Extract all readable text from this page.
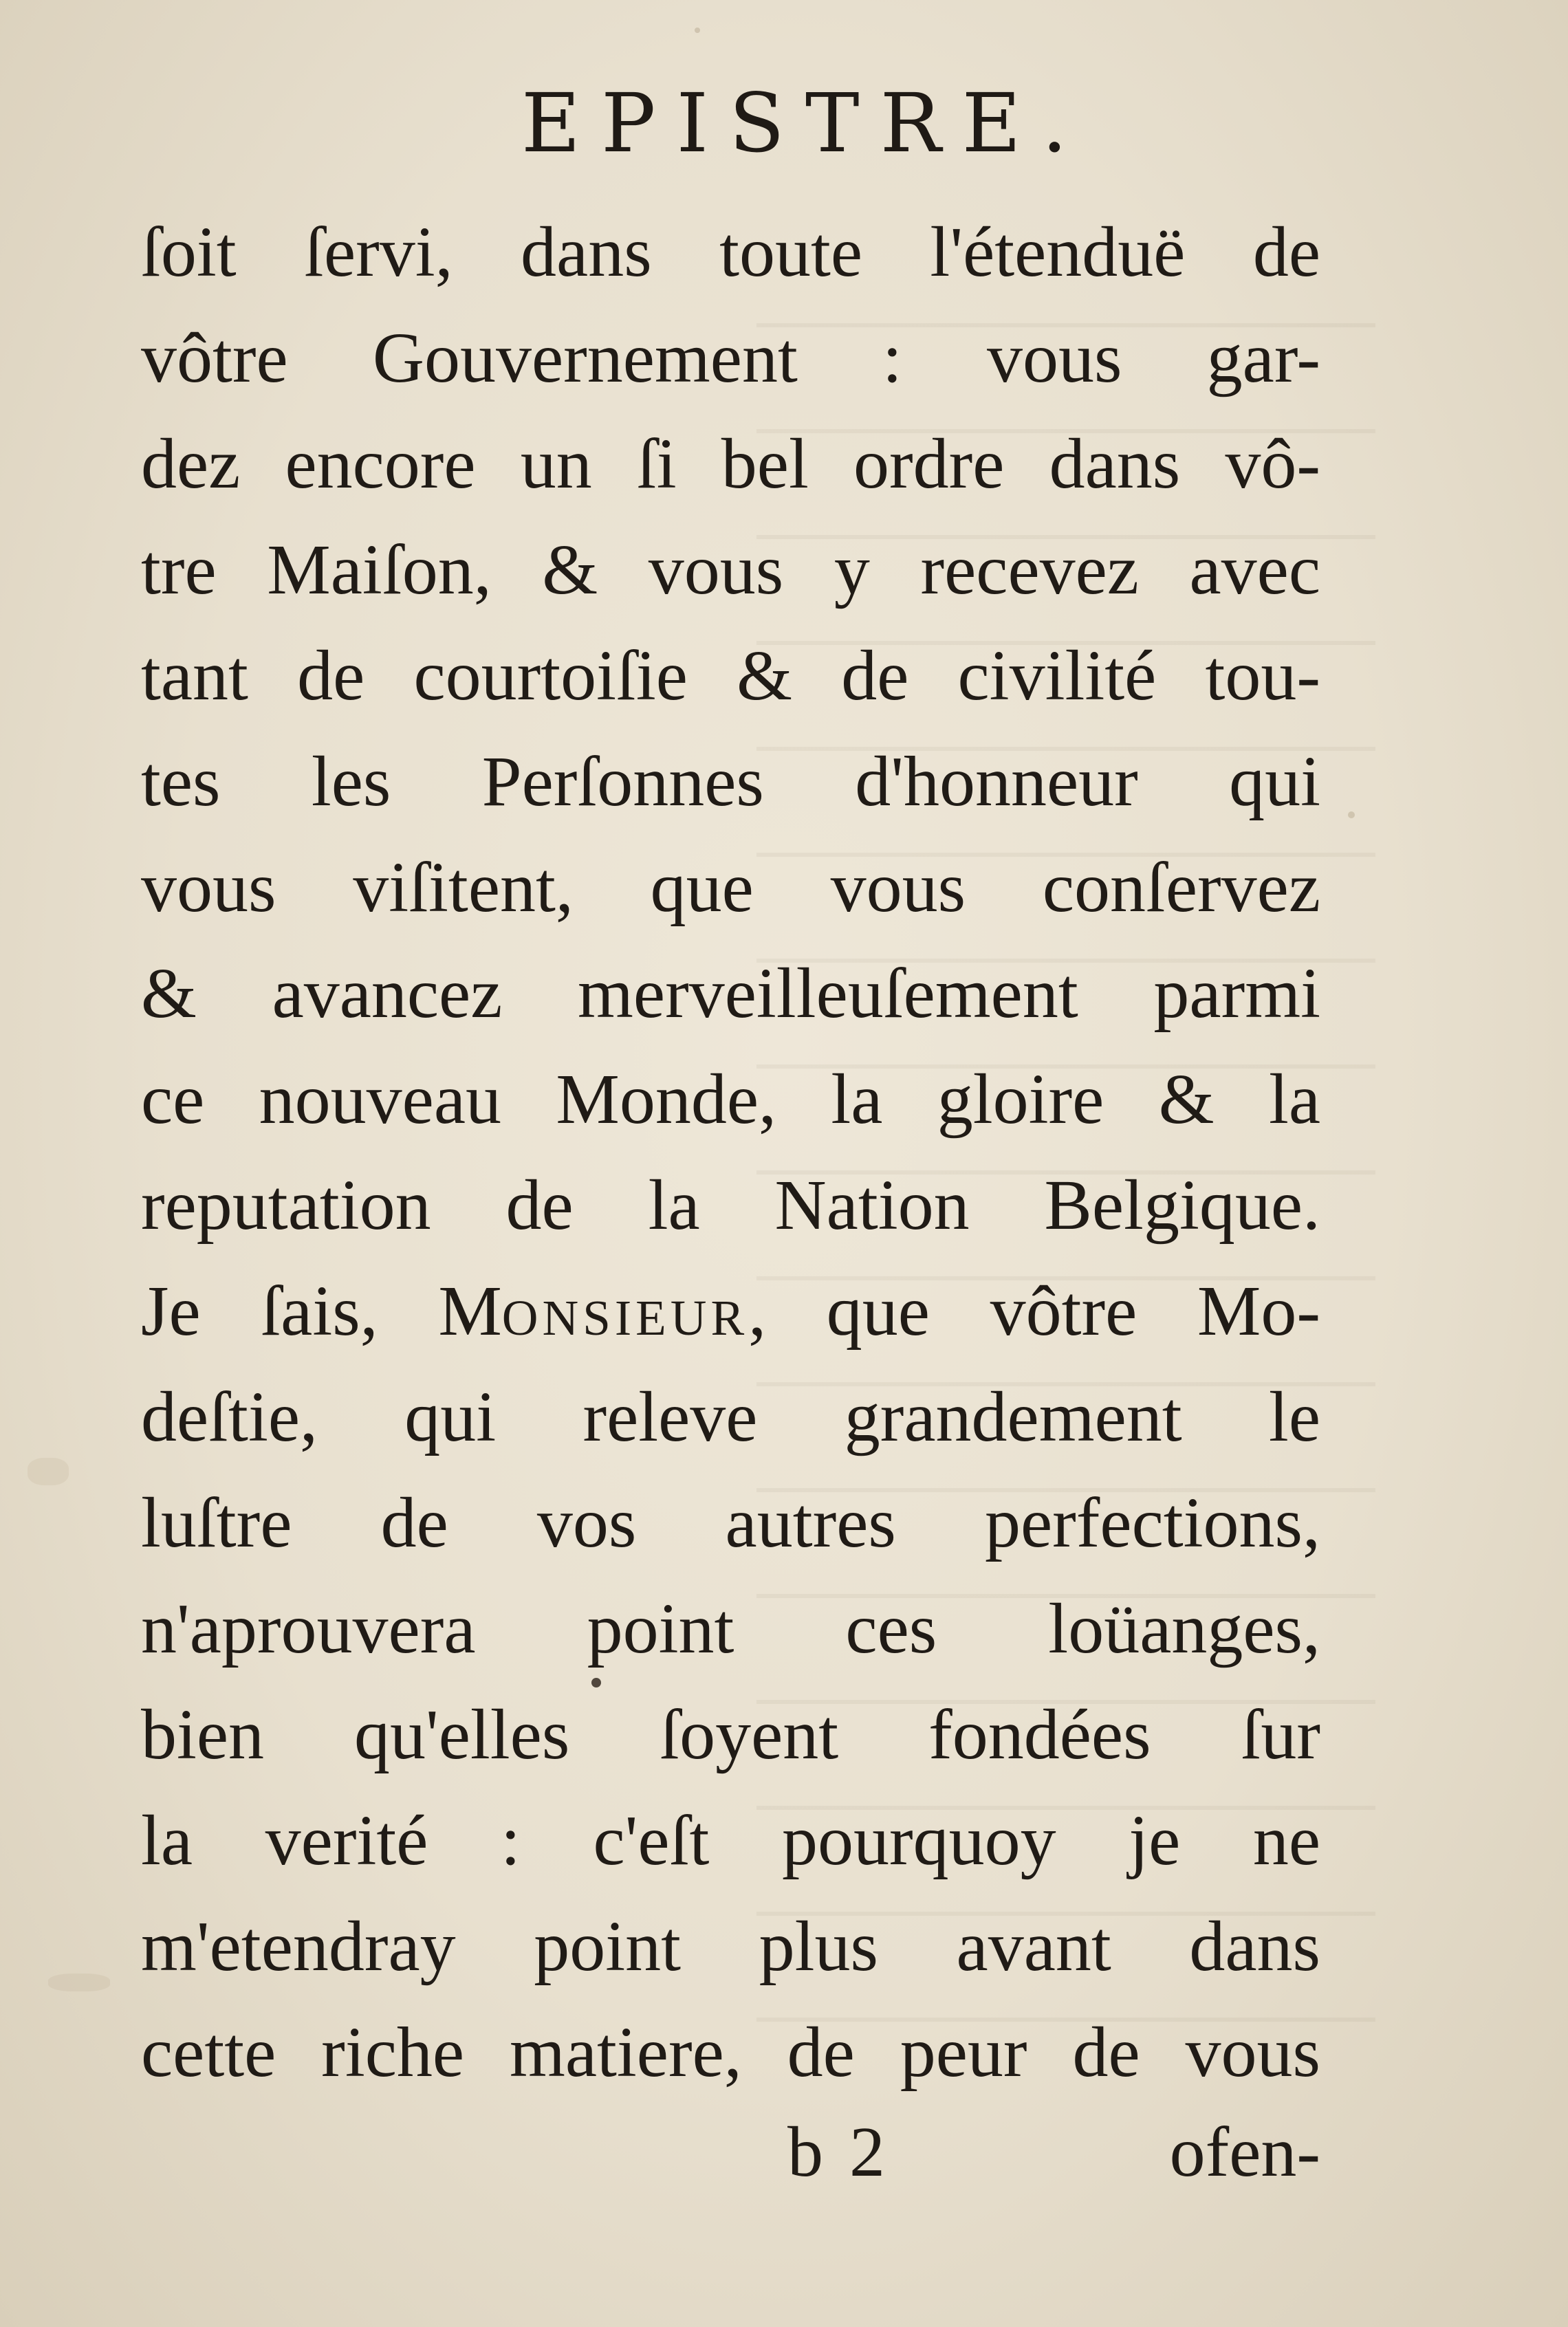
EPISTRE.
ſoit ſervi, dans toute l'étenduë de
vôtre Gouvernement : vous gar-
dez encore un ſi bel ordre dans vô-
tre Maiſon, & vous y recevez avec
tant de courtoiſie & de civilité tou-
tes les Perſonnes d'honneur qui
vous viſitent, que vous conſervez
& avancez merveilleuſement parmi
ce nouveau Monde, la gloire & la
reputation de la Nation Belgique.
Je ſais, Monsieur, que vôtre Mo-
deſtie, qui releve grandement le
luſtre de vos autres perfections,
n'aprouvera point ces loüanges,
bien qu'elles ſoyent fondées ſur
la verité : c'eſt pourquoy je ne
m'etendray point plus avant dans
cette riche matiere, de peur de vous
b 2	ofen-
